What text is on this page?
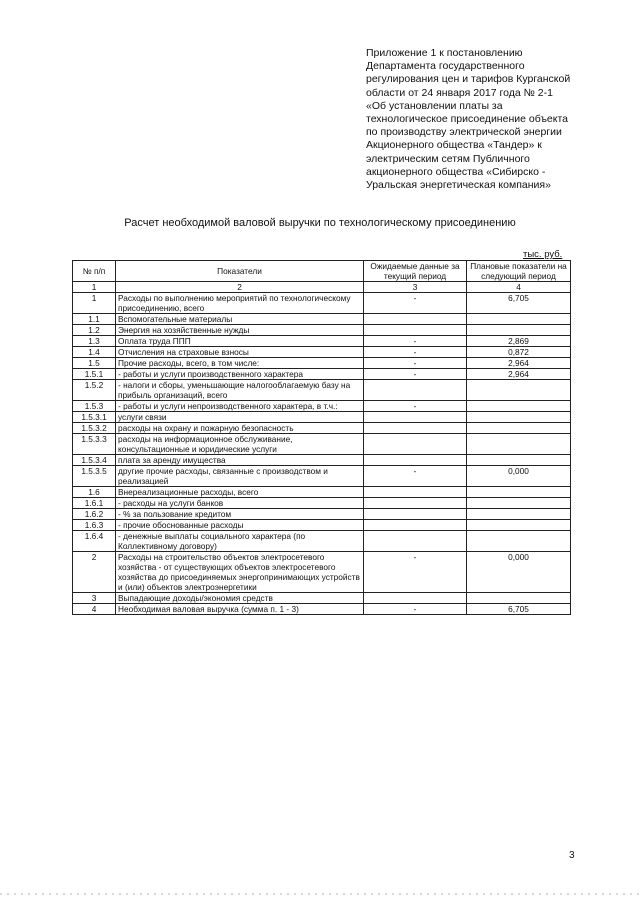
Приложение 1 к постановлению
Департамента государственного
регулирования цен и тарифов Курганской
области от 24 января 2017 года № 2-1
«Об установлении платы за
технологическое присоединение объекта
по производству электрической энергии
Акционерного общества «Тандер» к
электрическим сетям Публичного
акционерного общества «Сибирско -
Уральская энергетическая компания»
Расчет необходимой валовой выручки по технологическому присоединению
тыс. руб.
№ п/п	Показатели	Ожидаемые данные за текущий период	Плановые показатели на следующий период
1	2	3	4
1	Расходы по выполнению мероприятий по технологическому присоединению, всего	-	6,705
1.1	Вспомогательные материалы		
1.2	Энергия на хозяйственные нужды		
1.3	Оплата труда ППП	-	2,869
1.4	Отчисления на страховые взносы	-	0,872
1.5	Прочие расходы, всего, в том числе:	-	2,964
1.5.1	- работы и услуги производственного характера	-	2,964
1.5.2	- налоги и сборы, уменьшающие налогооблагаемую базу на прибыль организаций, всего		
1.5.3	- работы и услуги непроизводственного характера, в т.ч.:	-	
1.5.3.1	услуги связи		
1.5.3.2	расходы на охрану и пожарную безопасность		
1.5.3.3	расходы на информационное обслуживание, консультационные и юридические услуги		
1.5.3.4	плата за аренду имущества		
1.5.3.5	другие прочие расходы, связанные с производством и реализацией	-	0,000
1.6	Внереализационные расходы, всего		
1.6.1	- расходы на услуги банков		
1.6.2	- % за пользование кредитом		
1.6.3	- прочие обоснованные расходы		
1.6.4	- денежные выплаты социального характера (по Коллективному договору)		
2	Расходы на строительство объектов электросетевого хозяйства - от существующих объектов электросетевого хозяйства до присоединяемых энергопринимающих устройств и (или) объектов электроэнергетики	-	0,000
3	Выпадающие доходы/экономия средств		
4	Необходимая валовая выручка (сумма п. 1 - 3)	-	6,705
3
